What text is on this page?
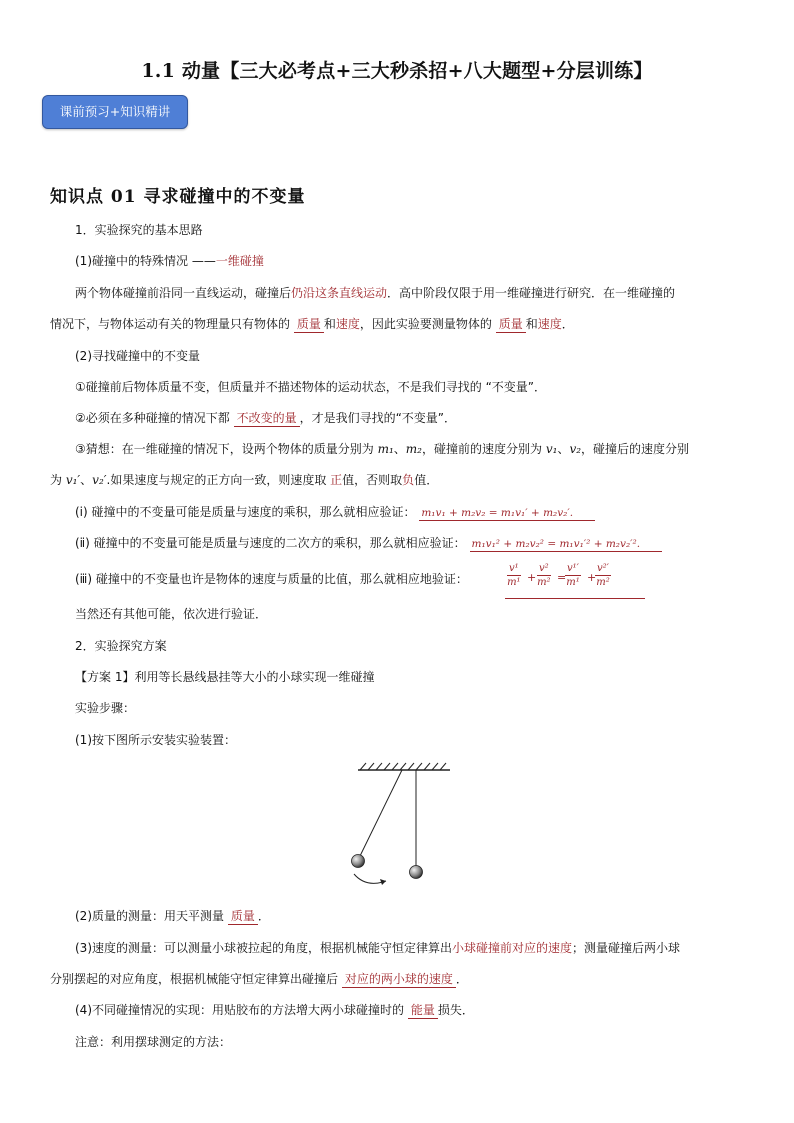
1.1 动量【三大必考点+三大秒杀招+八大题型+分层训练】
课前预习+知识精讲
知识点 01 寻求碰撞中的不变量
1．实验探究的基本思路
(1)碰撞中的特殊情况 ——一维碰撞
两个物体碰撞前沿同一直线运动，碰撞后仍沿这条直线运动．高中阶段仅限于用一维碰撞进行研究．在一维碰撞的
情况下，与物体运动有关的物理量只有物体的 质量 和速度，因此实验要测量物体的 质量 和速度．
(2)寻找碰撞中的不变量
①碰撞前后物体质量不变，但质量并不描述物体的运动状态，不是我们寻找的 “不变量”．
②必须在多种碰撞的情况下都 不改变的量 ，才是我们寻找的“不变量”．
③猜想：在一维碰撞的情况下，设两个物体的质量分别为 m₁、m₂，碰撞前的速度分别为 v₁、v₂，碰撞后的速度分别
为 v₁′、v₂′.如果速度与规定的正方向一致，则速度取 正值，否则取负值．
(ⅰ) 碰撞中的不变量可能是质量与速度的乘积，那么就相应验证： m₁v₁ + m₂v₂ = m₁v₁′ + m₂v₂′.
(ⅱ) 碰撞中的不变量可能是质量与速度的二次方的乘积，那么就相应验证： m₁v₁² + m₂v₂² = m₁v₁′² + m₂v₂′².
(ⅲ) 碰撞中的不变量也许是物体的速度与质量的比值，那么就相应地验证：	$\frac{\text{v¹}}{\text{m¹}} + \frac{\text{v²}}{\text{m²}}$ =
$\frac{\text{v¹′}}{\text{m¹}}$ +
$\frac{\text{v²′}}{\text{m²}}$
当然还有其他可能，依次进行验证．
2．实验探究方案
【方案 1】利用等长悬线悬挂等大小的小球实现一维碰撞
实验步骤：
(1)按下图所示安装实验装置：
(2)质量的测量：用天平测量 质量 ．
(3)速度的测量：可以测量小球被拉起的角度，根据机械能守恒定律算出小球碰撞前对应的速度；测量碰撞后两小球
分别摆起的对应角度，根据机械能守恒定律算出碰撞后 对应的两小球的速度 ．
(4)不同碰撞情况的实现：用贴胶布的方法增大两小球碰撞时的 能量 损失．
注意：利用摆球测定的方法：
